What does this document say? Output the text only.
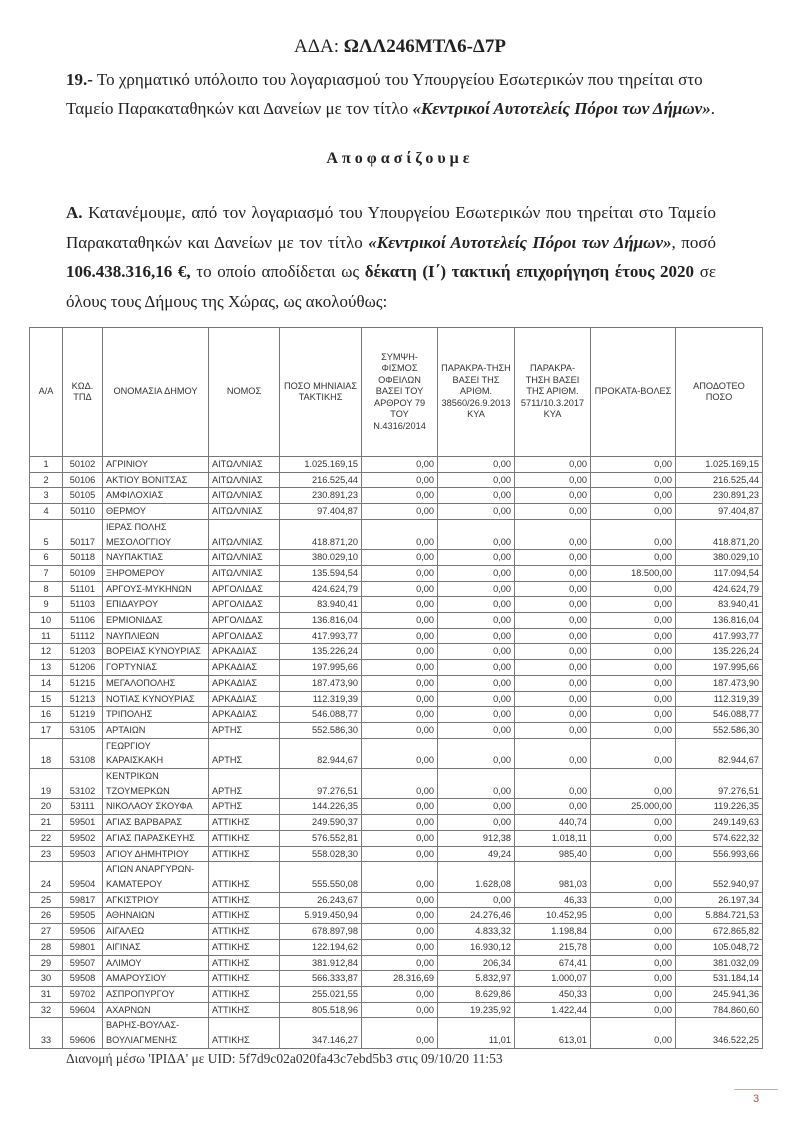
ΑΔΑ: ΩΛΛ246ΜΤΛ6-Δ7Ρ
19.- Το χρηματικό υπόλοιπο του λογαριασμού του Υπουργείου Εσωτερικών που τηρείται στο Ταμείο Παρακαταθηκών και Δανείων με τον τίτλο «Κεντρικοί Αυτοτελείς Πόροι των Δήμων».
Αποφασίζουμε
Α. Κατανέμουμε, από τον λογαριασμό του Υπουργείου Εσωτερικών που τηρείται στο Ταμείο Παρακαταθηκών και Δανείων με τον τίτλο «Κεντρικοί Αυτοτελείς Πόροι των Δήμων», ποσό 106.438.316,16 €, το οποίο αποδίδεται ως δέκατη (Ι΄) τακτική επιχορήγηση έτους 2020 σε όλους τους Δήμους της Χώρας, ως ακολούθως:
Α/Α	ΚΩΔ. ΤΠΔ	ΟΝΟΜΑΣΙΑ ΔΗΜΟΥ	ΝΟΜΟΣ	ΠΟΣΟ ΜΗΝΙΑΙΑΣ ΤΑΚΤΙΚΗΣ	ΣΥΜΨΗ-ΦΙΣΜΟΣ ΟΦΕΙΛΩΝ ΒΑΣΕΙ ΤΟΥ ΑΡΘΡΟΥ 79 ΤΟΥ Ν.4316/2014	ΠΑΡΑΚΡΑ-ΤΗΣΗ ΒΑΣΕΙ ΤΗΣ ΑΡΙΘΜ. 38560/26.9.2013 ΚΥΑ	ΠΑΡΑΚΡΑ-ΤΗΣΗ ΒΑΣΕΙ ΤΗΣ ΑΡΙΘΜ. 5711/10.3.2017 ΚΥΑ	ΠΡΟΚΑΤΑ-ΒΟΛΕΣ	ΑΠΟΔΟΤΕΟ ΠΟΣΟ
1	50102	ΑΓΡΙΝΙΟΥ	ΑΙΤΩΛ/ΝΙΑΣ	1.025.169,15	0,00	0,00	0,00	0,00	1.025.169,15
2	50106	ΑΚΤΙΟΥ ΒΟΝΙΤΣΑΣ	ΑΙΤΩΛ/ΝΙΑΣ	216.525,44	0,00	0,00	0,00	0,00	216.525,44
3	50105	ΑΜΦΙΛΟΧΙΑΣ	ΑΙΤΩΛ/ΝΙΑΣ	230.891,23	0,00	0,00	0,00	0,00	230.891,23
4	50110	ΘΕΡΜΟΥ	ΑΙΤΩΛ/ΝΙΑΣ	97.404,87	0,00	0,00	0,00	0,00	97.404,87
5	50117	ΙΕΡΑΣ ΠΟΛΗΣ ΜΕΣΟΛΟΓΓΙΟΥ	ΑΙΤΩΛ/ΝΙΑΣ	418.871,20	0,00	0,00	0,00	0,00	418.871,20
6	50118	ΝΑΥΠΑΚΤΙΑΣ	ΑΙΤΩΛ/ΝΙΑΣ	380.029,10	0,00	0,00	0,00	0,00	380.029,10
7	50109	ΞΗΡΟΜΕΡΟΥ	ΑΙΤΩΛ/ΝΙΑΣ	135.594,54	0,00	0,00	0,00	18.500,00	117.094,54
8	51101	ΑΡΓΟΥΣ-ΜΥΚΗΝΩΝ	ΑΡΓΟΛΙΔΑΣ	424.624,79	0,00	0,00	0,00	0,00	424.624,79
9	51103	ΕΠΙΔΑΥΡΟΥ	ΑΡΓΟΛΙΔΑΣ	83.940,41	0,00	0,00	0,00	0,00	83.940,41
10	51106	ΕΡΜΙΟΝΙΔΑΣ	ΑΡΓΟΛΙΔΑΣ	136.816,04	0,00	0,00	0,00	0,00	136.816,04
11	51112	ΝΑΥΠΛΙΕΩΝ	ΑΡΓΟΛΙΔΑΣ	417.993,77	0,00	0,00	0,00	0,00	417.993,77
12	51203	ΒΟΡΕΙΑΣ ΚΥΝΟΥΡΙΑΣ	ΑΡΚΑΔΙΑΣ	135.226,24	0,00	0,00	0,00	0,00	135.226,24
13	51206	ΓΟΡΤΥΝΙΑΣ	ΑΡΚΑΔΙΑΣ	197.995,66	0,00	0,00	0,00	0,00	197.995,66
14	51215	ΜΕΓΑΛΟΠΟΛΗΣ	ΑΡΚΑΔΙΑΣ	187.473,90	0,00	0,00	0,00	0,00	187.473,90
15	51213	ΝΟΤΙΑΣ ΚΥΝΟΥΡΙΑΣ	ΑΡΚΑΔΙΑΣ	112.319,39	0,00	0,00	0,00	0,00	112.319,39
16	51219	ΤΡΙΠΟΛΗΣ	ΑΡΚΑΔΙΑΣ	546.088,77	0,00	0,00	0,00	0,00	546.088,77
17	53105	ΑΡΤΑΙΩΝ	ΑΡΤΗΣ	552.586,30	0,00	0,00	0,00	0,00	552.586,30
18	53108	ΓΕΩΡΓΙΟΥ ΚΑΡΑΙΣΚΑΚΗ	ΑΡΤΗΣ	82.944,67	0,00	0,00	0,00	0,00	82.944,67
19	53102	ΚΕΝΤΡΙΚΩΝ ΤΖΟΥΜΕΡΚΩΝ	ΑΡΤΗΣ	97.276,51	0,00	0,00	0,00	0,00	97.276,51
20	53111	ΝΙΚΟΛΑΟΥ ΣΚΟΥΦΑ	ΑΡΤΗΣ	144.226,35	0,00	0,00	0,00	25.000,00	119.226,35
21	59501	ΑΓΙΑΣ ΒΑΡΒΑΡΑΣ	ΑΤΤΙΚΗΣ	249.590,37	0,00	0,00	440,74	0,00	249.149,63
22	59502	ΑΓΙΑΣ ΠΑΡΑΣΚΕΥΗΣ	ΑΤΤΙΚΗΣ	576.552,81	0,00	912,38	1.018,11	0,00	574.622,32
23	59503	ΑΓΙΟΥ ΔΗΜΗΤΡΙΟΥ	ΑΤΤΙΚΗΣ	558.028,30	0,00	49,24	985,40	0,00	556.993,66
24	59504	ΑΓΙΩΝ ΑΝΑΡΓΥΡΩΝ-ΚΑΜΑΤΕΡΟΥ	ΑΤΤΙΚΗΣ	555.550,08	0,00	1.628,08	981,03	0,00	552.940,97
25	59817	ΑΓΚΙΣΤΡΙΟΥ	ΑΤΤΙΚΗΣ	26.243,67	0,00	0,00	46,33	0,00	26.197,34
26	59505	ΑΘΗΝΑΙΩΝ	ΑΤΤΙΚΗΣ	5.919.450,94	0,00	24.276,46	10.452,95	0,00	5.884.721,53
27	59506	ΑΙΓΑΛΕΩ	ΑΤΤΙΚΗΣ	678.897,98	0,00	4.833,32	1.198,84	0,00	672.865,82
28	59801	ΑΙΓΙΝΑΣ	ΑΤΤΙΚΗΣ	122.194,62	0,00	16.930,12	215,78	0,00	105.048,72
29	59507	ΑΛΙΜΟΥ	ΑΤΤΙΚΗΣ	381.912,84	0,00	206,34	674,41	0,00	381.032,09
30	59508	ΑΜΑΡΟΥΣΙΟΥ	ΑΤΤΙΚΗΣ	566.333,87	28.316,69	5.832,97	1.000,07	0,00	531.184,14
31	59702	ΑΣΠΡΟΠΥΡΓΟΥ	ΑΤΤΙΚΗΣ	255.021,55	0,00	8.629,86	450,33	0,00	245.941,36
32	59604	ΑΧΑΡΝΩΝ	ΑΤΤΙΚΗΣ	805.518,96	0,00	19.235,92	1.422,44	0,00	784.860,60
33	59606	ΒΑΡΗΣ-ΒΟΥΛΑΣ-ΒΟΥΛΙΑΓΜΕΝΗΣ	ΑΤΤΙΚΗΣ	347.146,27	0,00	11,01	613,01	0,00	346.522,25
Διανομή μέσω 'ΙΡΙΔΑ' με UID: 5f7d9c02a020fa43c7ebd5b3 στις 09/10/20 11:53
3
